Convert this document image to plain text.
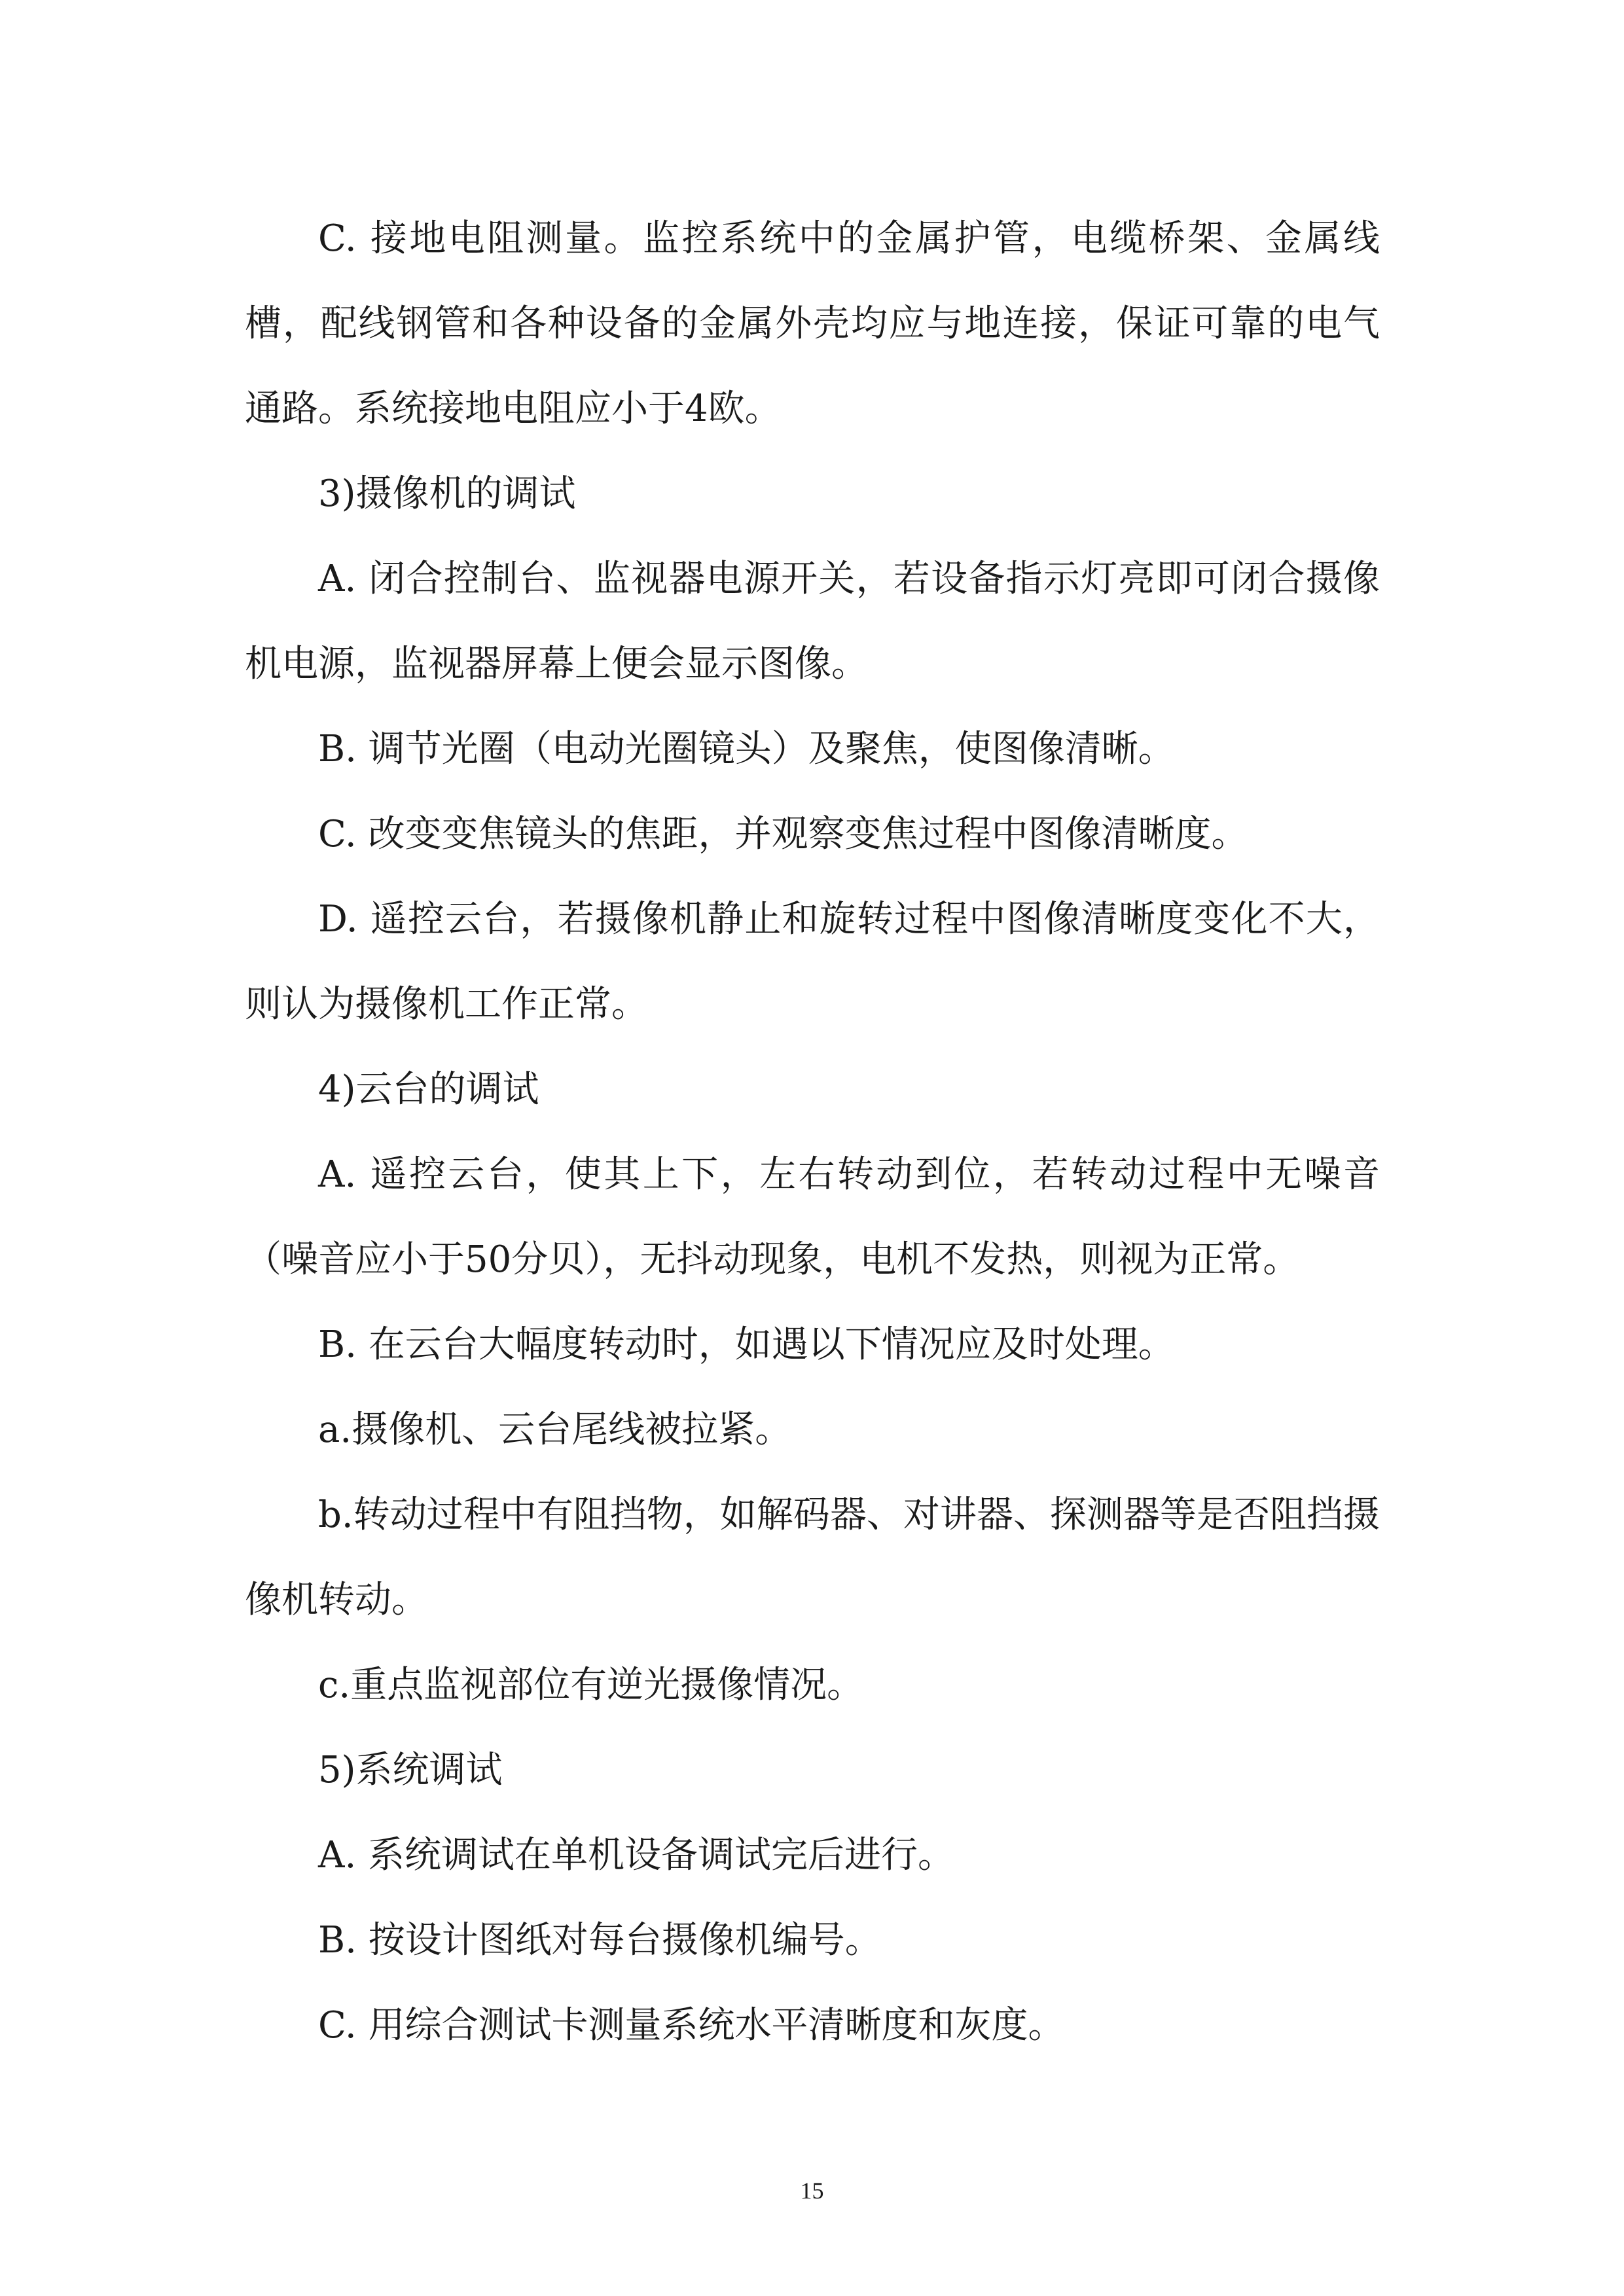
C. 接地电阻测量。监控系统中的金属护管，电缆桥架、金属线槽，配线钢管和各种设备的金属外壳均应与地连接，保证可靠的电气通路。系统接地电阻应小于4欧。

3)摄像机的调试

A. 闭合控制台、监视器电源开关，若设备指示灯亮即可闭合摄像机电源，监视器屏幕上便会显示图像。

B. 调节光圈（电动光圈镜头）及聚焦，使图像清晰。

C. 改变变焦镜头的焦距，并观察变焦过程中图像清晰度。

D. 遥控云台，若摄像机静止和旋转过程中图像清晰度变化不大，则认为摄像机工作正常。

4)云台的调试

A. 遥控云台，使其上下，左右转动到位，若转动过程中无噪音（噪音应小于50分贝），无抖动现象，电机不发热，则视为正常。

B. 在云台大幅度转动时，如遇以下情况应及时处理。

a.摄像机、云台尾线被拉紧。

b.转动过程中有阻挡物，如解码器、对讲器、探测器等是否阻挡摄像机转动。

c.重点监视部位有逆光摄像情况。

5)系统调试

A. 系统调试在单机设备调试完后进行。

B. 按设计图纸对每台摄像机编号。

C. 用综合测试卡测量系统水平清晰度和灰度。

15
